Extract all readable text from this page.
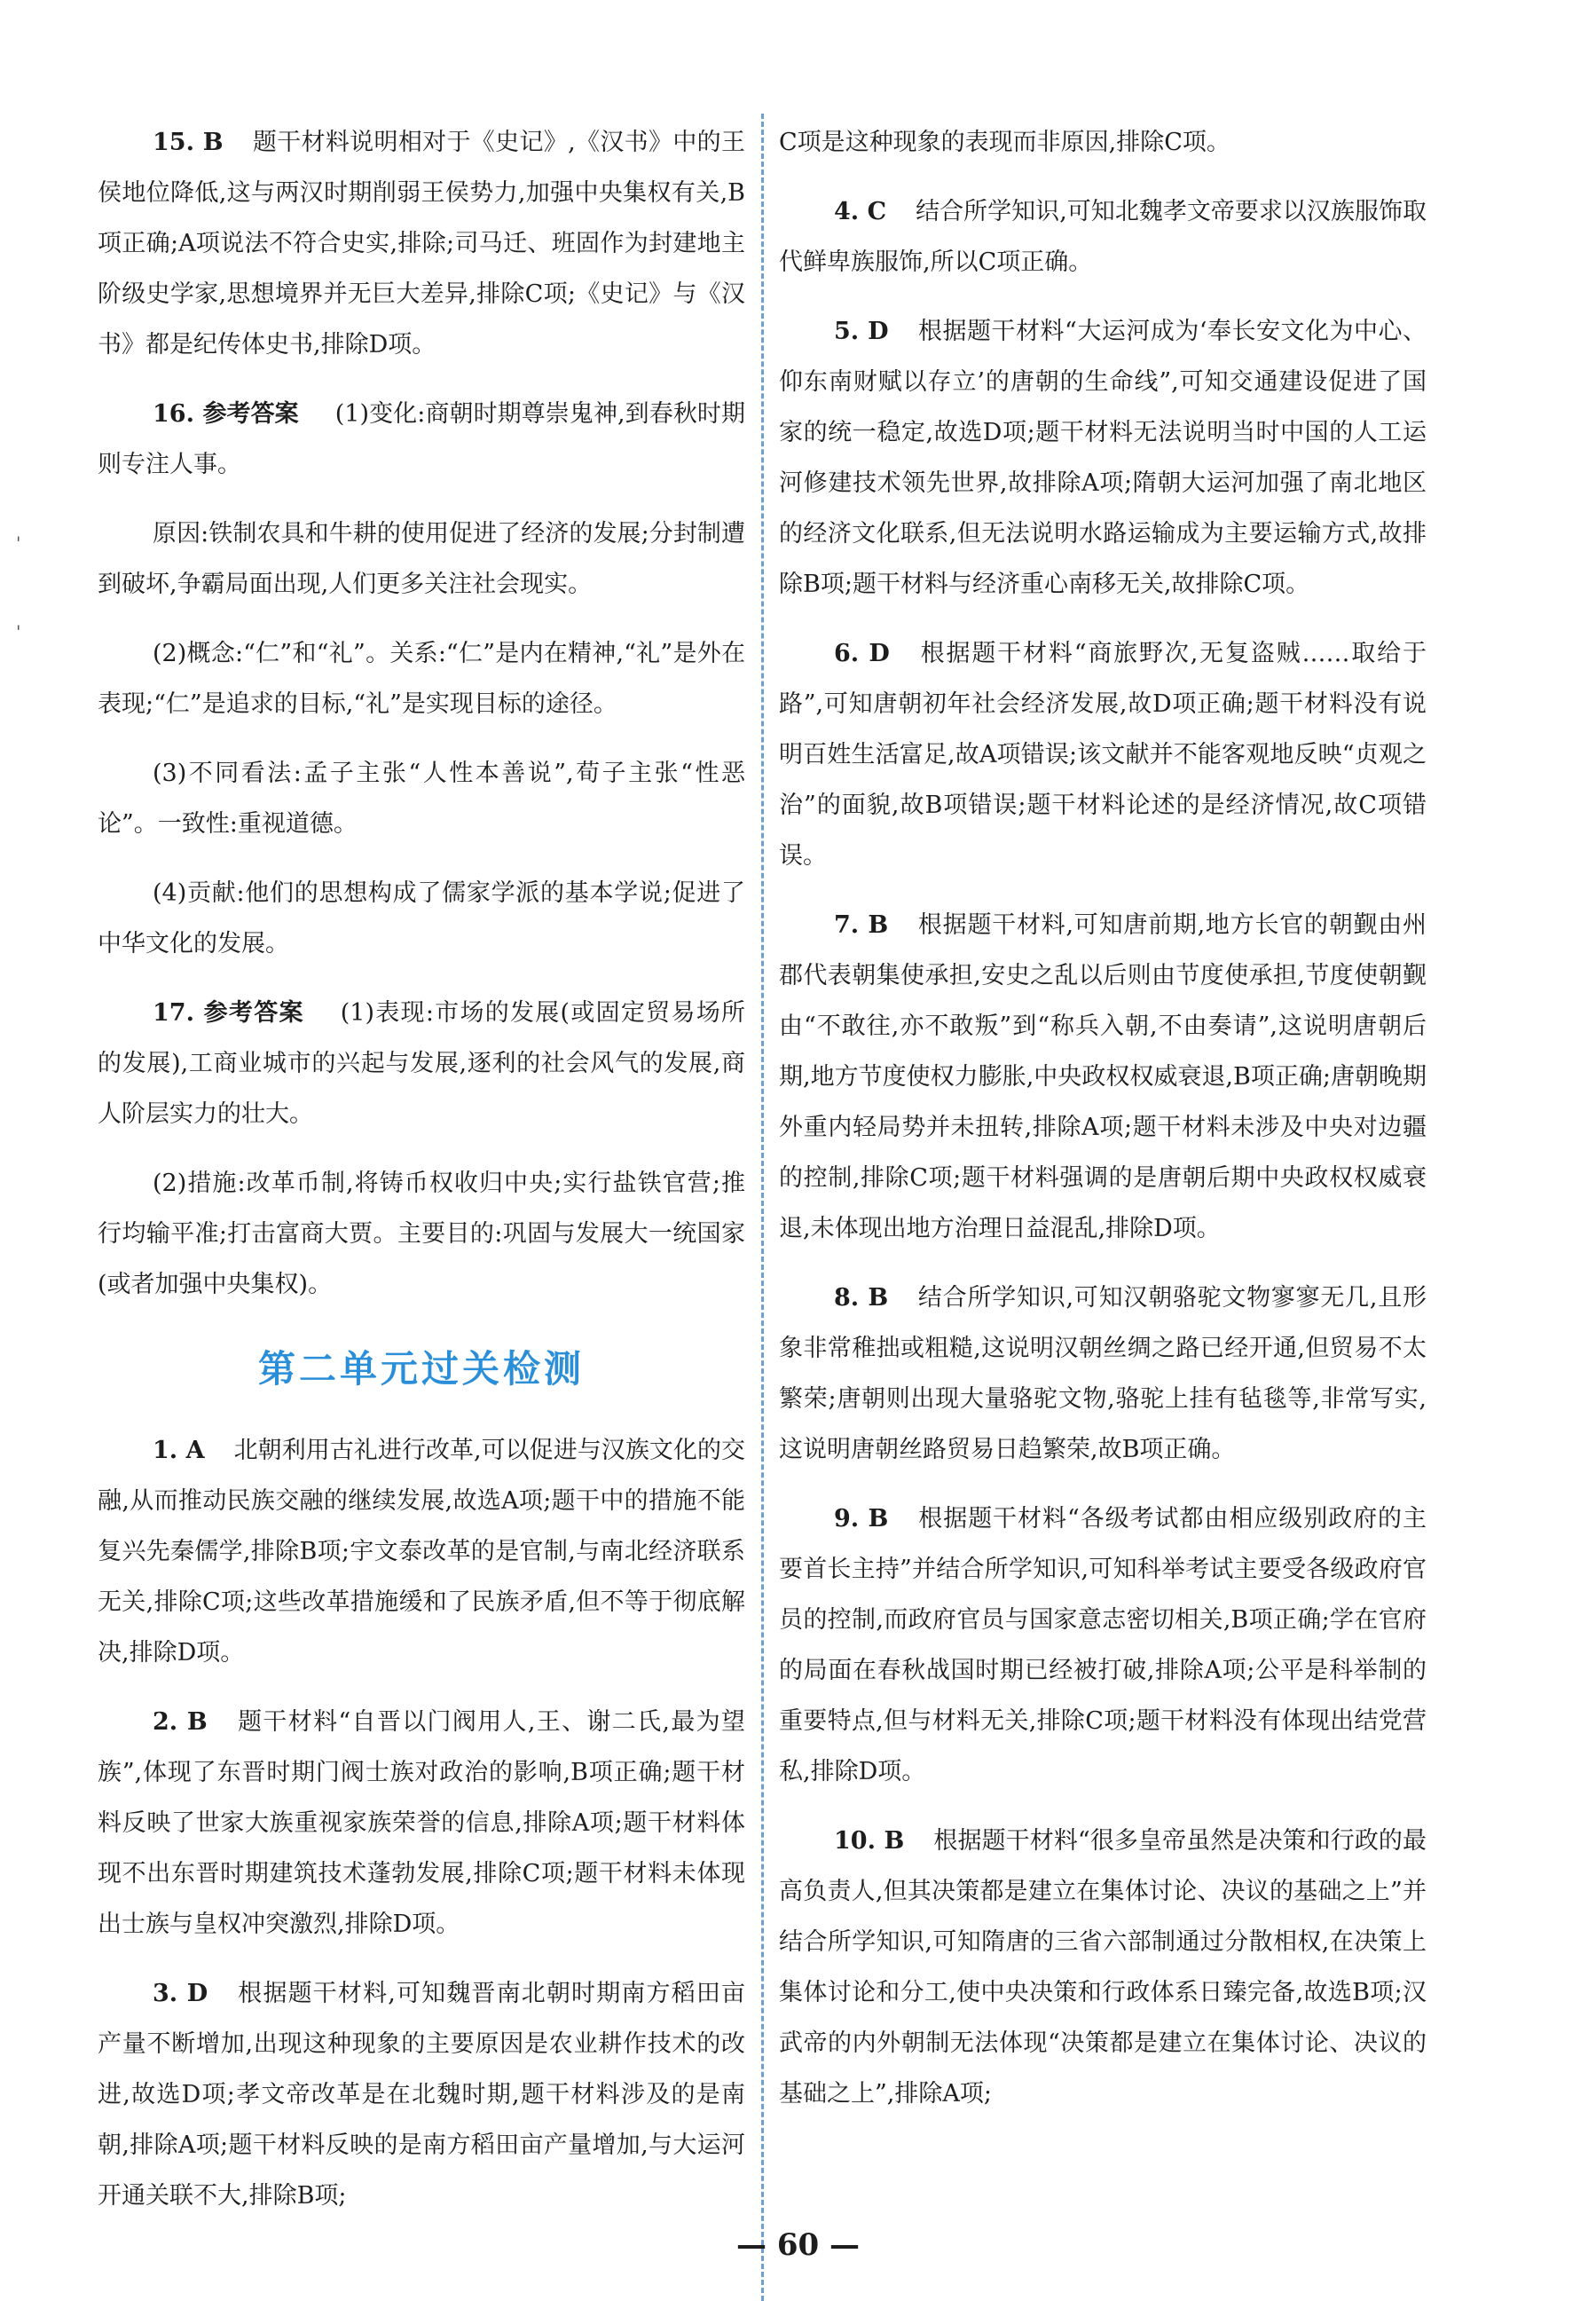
'
'

15. B 题干材料说明相对于《史记》,《汉书》中的王侯地位降低,这与两汉时期削弱王侯势力,加强中央集权有关,B项正确;A项说法不符合史实,排除;司马迁、班固作为封建地主阶级史学家,思想境界并无巨大差异,排除C项;《史记》与《汉书》都是纪传体史书,排除D项。

16. 参考答案 (1)变化:商朝时期尊崇鬼神,到春秋时期则专注人事。

原因:铁制农具和牛耕的使用促进了经济的发展;分封制遭到破坏,争霸局面出现,人们更多关注社会现实。

(2)概念:“仁”和“礼”。关系:“仁”是内在精神,“礼”是外在表现;“仁”是追求的目标,“礼”是实现目标的途径。

(3)不同看法:孟子主张“人性本善说”,荀子主张“性恶论”。一致性:重视道德。

(4)贡献:他们的思想构成了儒家学派的基本学说;促进了中华文化的发展。

17. 参考答案 (1)表现:市场的发展(或固定贸易场所的发展),工商业城市的兴起与发展,逐利的社会风气的发展,商人阶层实力的壮大。

(2)措施:改革币制,将铸币权收归中央;实行盐铁官营;推行均输平准;打击富商大贾。主要目的:巩固与发展大一统国家(或者加强中央集权)。

第二单元过关检测

1. A 北朝利用古礼进行改革,可以促进与汉族文化的交融,从而推动民族交融的继续发展,故选A项;题干中的措施不能复兴先秦儒学,排除B项;宇文泰改革的是官制,与南北经济联系无关,排除C项;这些改革措施缓和了民族矛盾,但不等于彻底解决,排除D项。

2. B 题干材料“自晋以门阀用人,王、谢二氏,最为望族”,体现了东晋时期门阀士族对政治的影响,B项正确;题干材料反映了世家大族重视家族荣誉的信息,排除A项;题干材料体现不出东晋时期建筑技术蓬勃发展,排除C项;题干材料未体现出士族与皇权冲突激烈,排除D项。

3. D 根据题干材料,可知魏晋南北朝时期南方稻田亩产量不断增加,出现这种现象的主要原因是农业耕作技术的改进,故选D项;孝文帝改革是在北魏时期,题干材料涉及的是南朝,排除A项;题干材料反映的是南方稻田亩产量增加,与大运河开通关联不大,排除B项;

C项是这种现象的表现而非原因,排除C项。

4. C 结合所学知识,可知北魏孝文帝要求以汉族服饰取代鲜卑族服饰,所以C项正确。

5. D 根据题干材料“大运河成为‘奉长安文化为中心、仰东南财赋以存立’的唐朝的生命线”,可知交通建设促进了国家的统一稳定,故选D项;题干材料无法说明当时中国的人工运河修建技术领先世界,故排除A项;隋朝大运河加强了南北地区的经济文化联系,但无法说明水路运输成为主要运输方式,故排除B项;题干材料与经济重心南移无关,故排除C项。

6. D 根据题干材料“商旅野次,无复盗贼……取给于路”,可知唐朝初年社会经济发展,故D项正确;题干材料没有说明百姓生活富足,故A项错误;该文献并不能客观地反映“贞观之治”的面貌,故B项错误;题干材料论述的是经济情况,故C项错误。

7. B 根据题干材料,可知唐前期,地方长官的朝觐由州郡代表朝集使承担,安史之乱以后则由节度使承担,节度使朝觐由“不敢往,亦不敢叛”到“称兵入朝,不由奏请”,这说明唐朝后期,地方节度使权力膨胀,中央政权权威衰退,B项正确;唐朝晚期外重内轻局势并未扭转,排除A项;题干材料未涉及中央对边疆的控制,排除C项;题干材料强调的是唐朝后期中央政权权威衰退,未体现出地方治理日益混乱,排除D项。

8. B 结合所学知识,可知汉朝骆驼文物寥寥无几,且形象非常稚拙或粗糙,这说明汉朝丝绸之路已经开通,但贸易不太繁荣;唐朝则出现大量骆驼文物,骆驼上挂有毡毯等,非常写实,这说明唐朝丝路贸易日趋繁荣,故B项正确。

9. B 根据题干材料“各级考试都由相应级别政府的主要首长主持”并结合所学知识,可知科举考试主要受各级政府官员的控制,而政府官员与国家意志密切相关,B项正确;学在官府的局面在春秋战国时期已经被打破,排除A项;公平是科举制的重要特点,但与材料无关,排除C项;题干材料没有体现出结党营私,排除D项。

10. B 根据题干材料“很多皇帝虽然是决策和行政的最高负责人,但其决策都是建立在集体讨论、决议的基础之上”并结合所学知识,可知隋唐的三省六部制通过分散相权,在决策上集体讨论和分工,使中央决策和行政体系日臻完备,故选B项;汉武帝的内外朝制无法体现“决策都是建立在集体讨论、决议的基础之上”,排除A项;

— 60 —
